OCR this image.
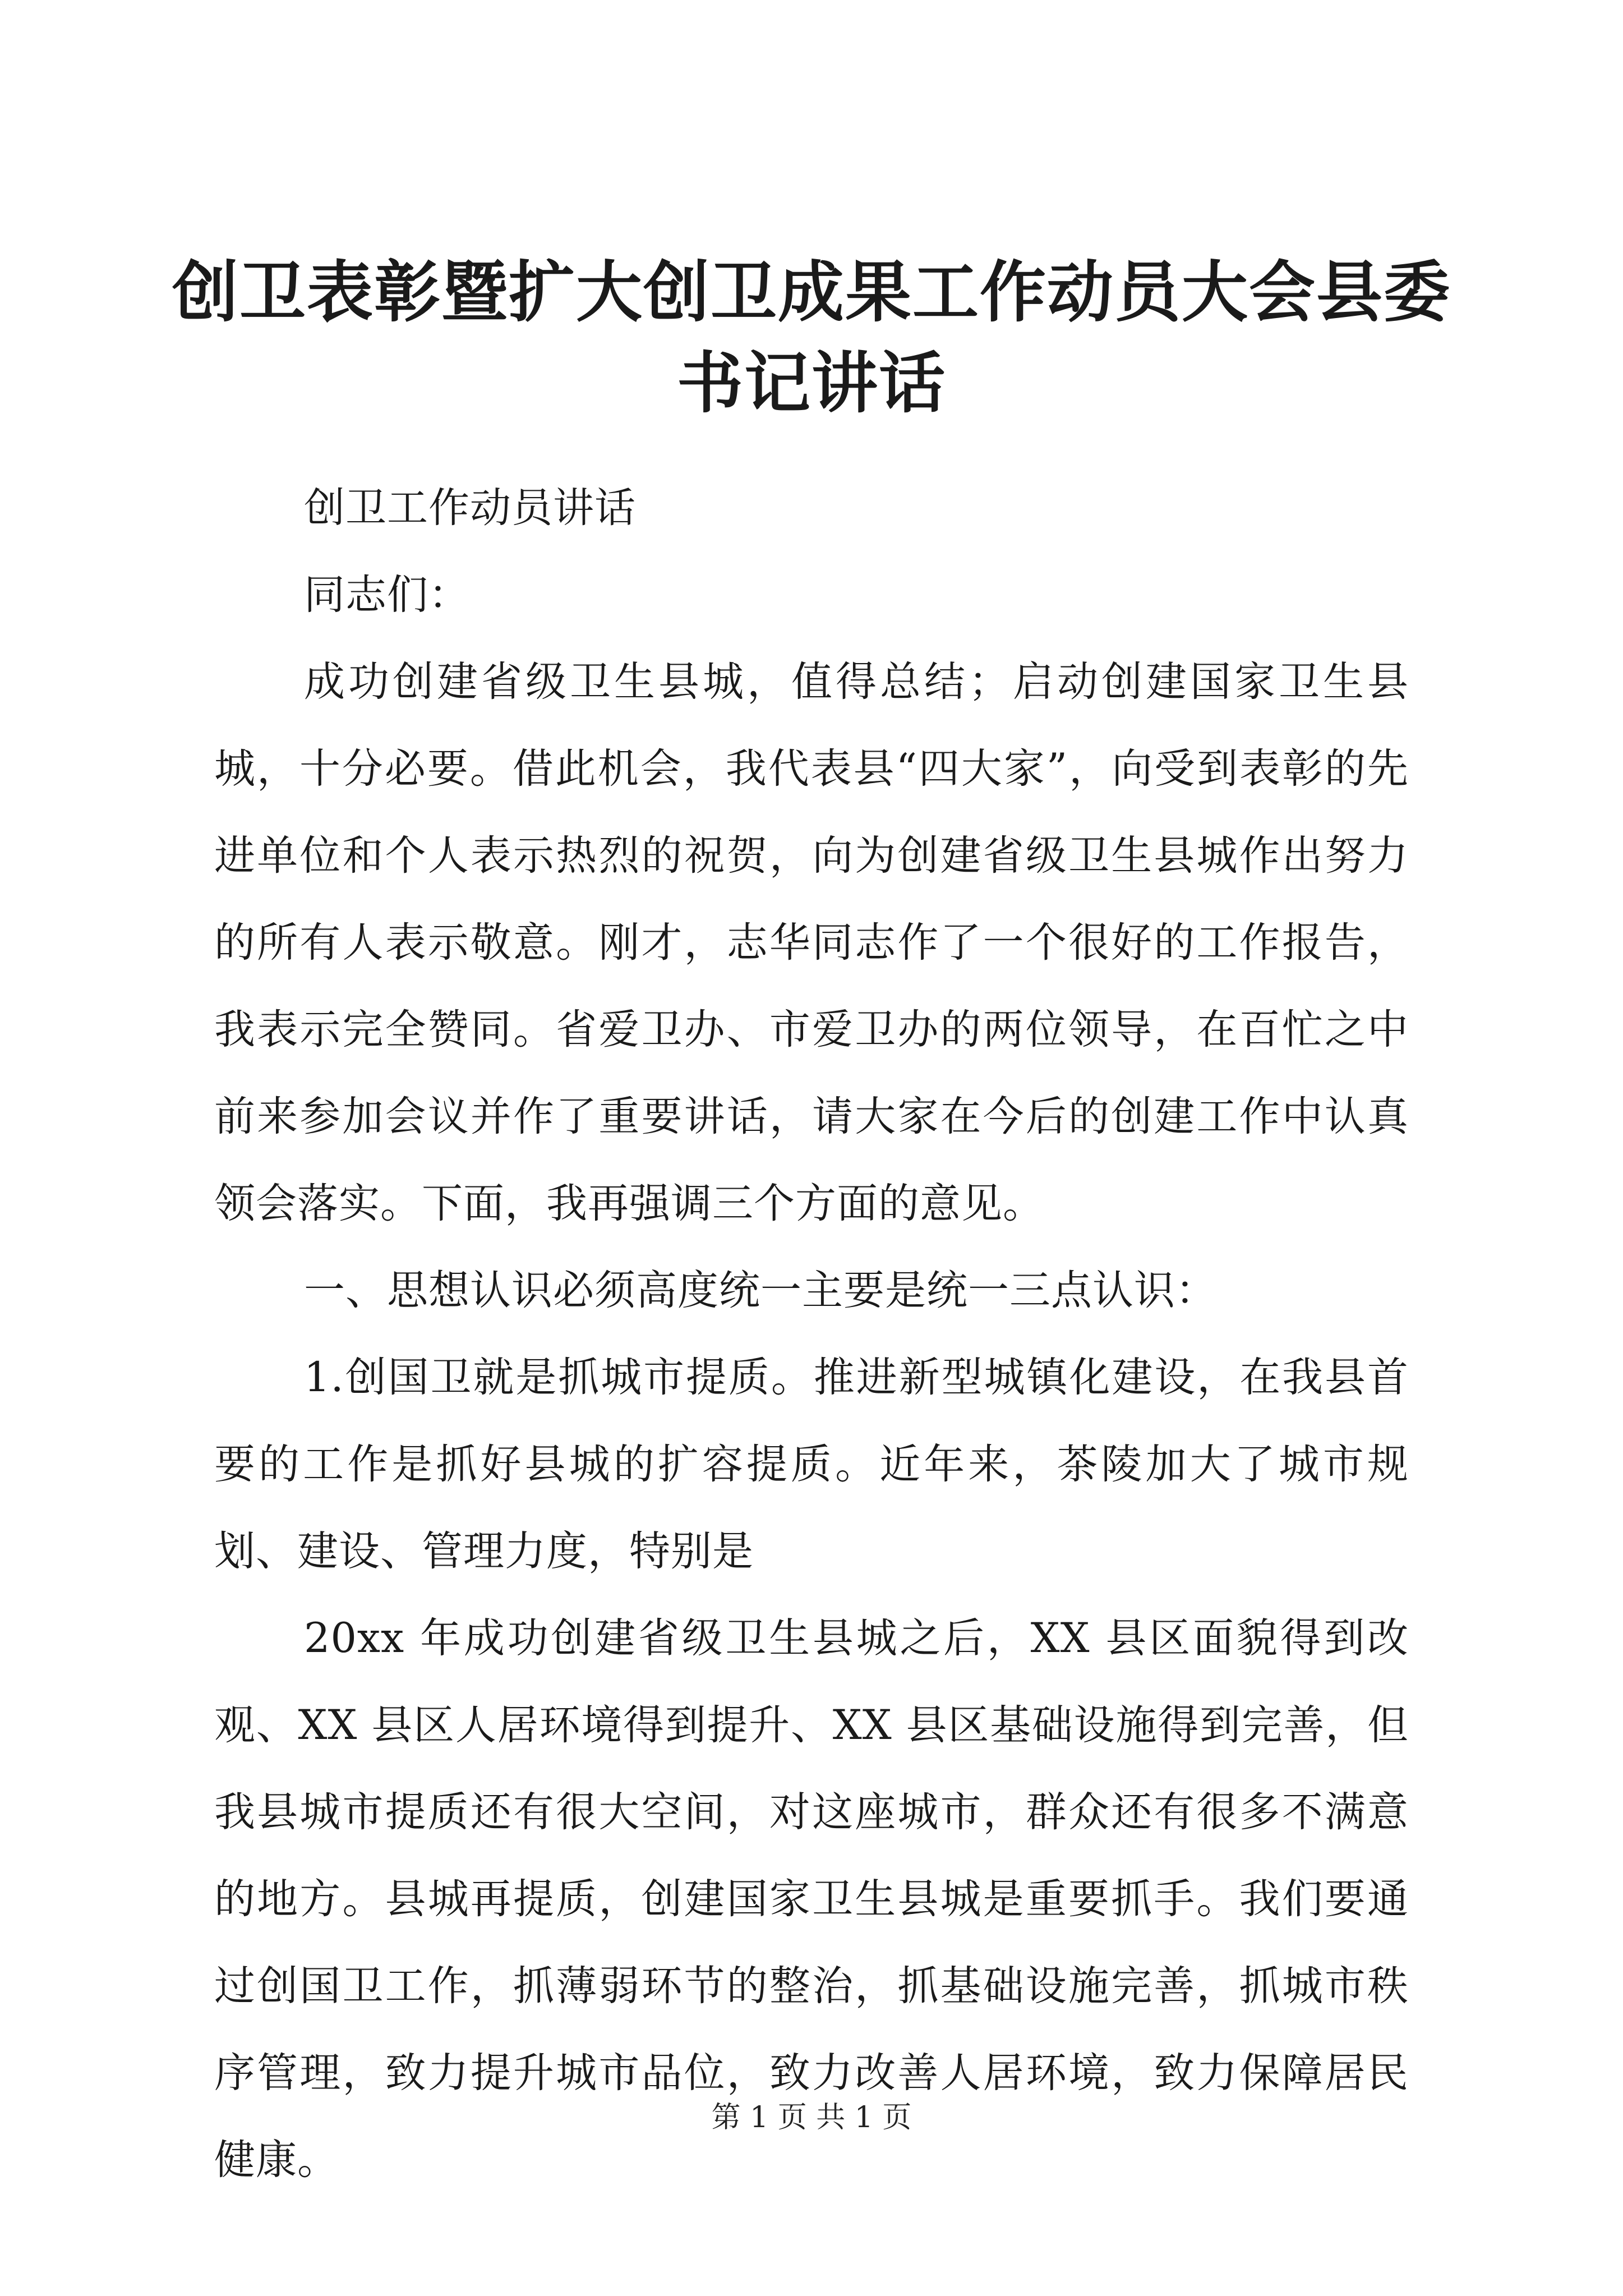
创卫表彰暨扩大创卫成果工作动员大会县委书记讲话

创卫工作动员讲话

同志们：

成功创建省级卫生县城，值得总结；启动创建国家卫生县城，十分必要。借此机会，我代表县“四大家”，向受到表彰的先进单位和个人表示热烈的祝贺，向为创建省级卫生县城作出努力的所有人表示敬意。刚才，志华同志作了一个很好的工作报告，我表示完全赞同。省爱卫办、市爱卫办的两位领导，在百忙之中前来参加会议并作了重要讲话，请大家在今后的创建工作中认真领会落实。下面，我再强调三个方面的意见。

一、思想认识必须高度统一主要是统一三点认识：

1.创国卫就是抓城市提质。推进新型城镇化建设，在我县首要的工作是抓好县城的扩容提质。近年来，茶陵加大了城市规划、建设、管理力度，特别是

20xx 年成功创建省级卫生县城之后，XX 县区面貌得到改观、XX 县区人居环境得到提升、XX 县区基础设施得到完善，但我县城市提质还有很大空间，对这座城市，群众还有很多不满意的地方。县城再提质，创建国家卫生县城是重要抓手。我们要通过创国卫工作，抓薄弱环节的整治，抓基础设施完善，抓城市秩序管理，致力提升城市品位，致力改善人居环境，致力保障居民健康。

第 1 页 共 1 页
